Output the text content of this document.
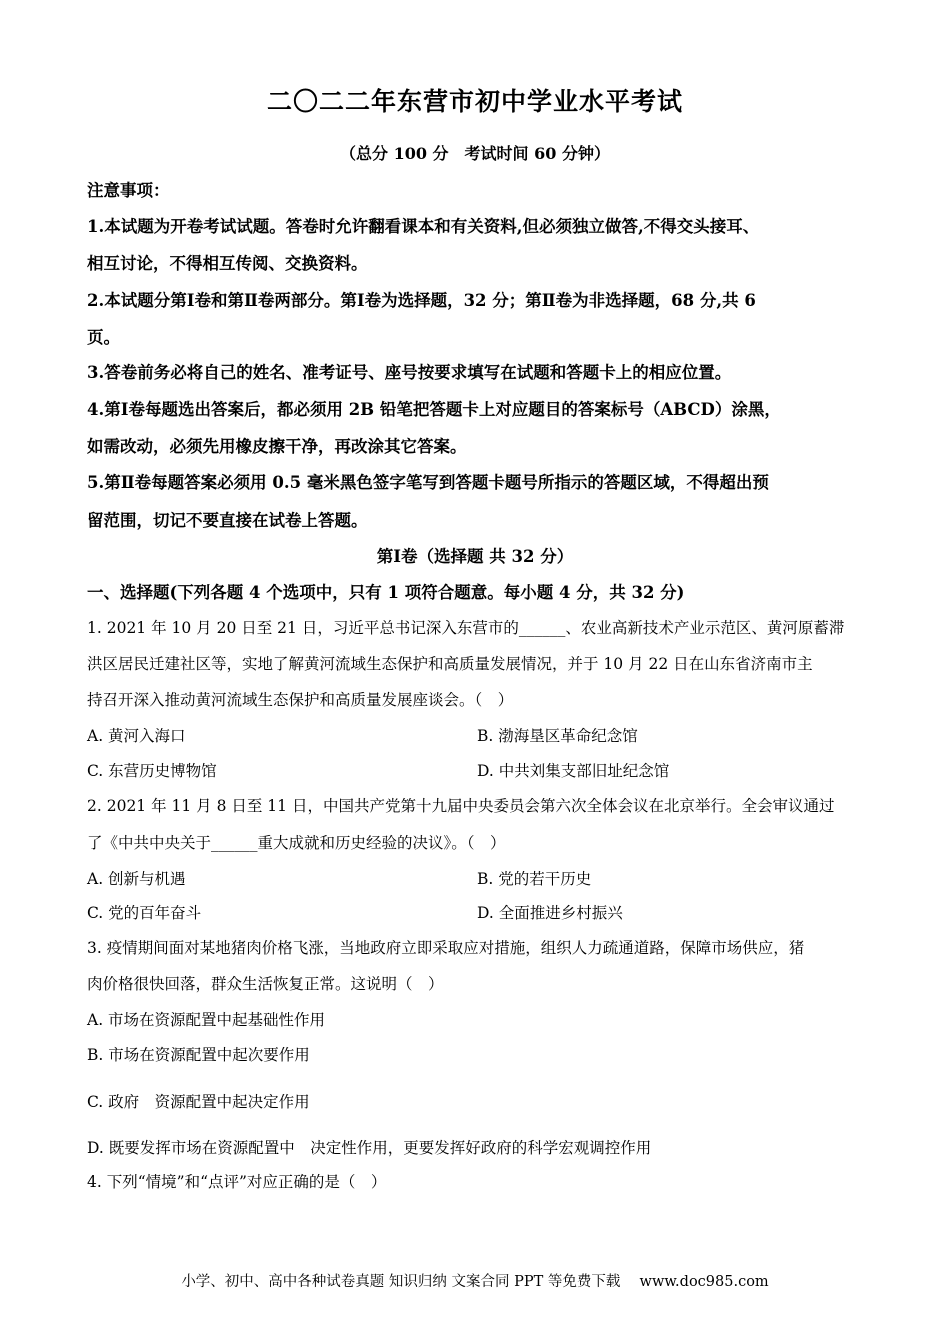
二〇二二年东营市初中学业水平考试
（总分 100 分　考试时间 60 分钟）
注意事项：
1.本试题为开卷考试试题。答卷时允许翻看课本和有关资料,但必须独立做答,不得交头接耳、
相互讨论，不得相互传阅、交换资料。
2.本试题分第Ⅰ卷和第Ⅱ卷两部分。第Ⅰ卷为选择题，32 分；第Ⅱ卷为非选择题，68 分,共 6
页。
3.答卷前务必将自己的姓名、准考证号、座号按要求填写在试题和答题卡上的相应位置。
4.第Ⅰ卷每题选出答案后，都必须用 2B 铅笔把答题卡上对应题目的答案标号（ABCD）涂黑，
如需改动，必须先用橡皮擦干净，再改涂其它答案。
5.第Ⅱ卷每题答案必须用 0.5 毫米黑色签字笔写到答题卡题号所指示的答题区域，不得超出预
留范围，切记不要直接在试卷上答题。
第Ⅰ卷（选择题 共 32 分）
一、选择题(下列各题 4 个选项中，只有 1 项符合题意。每小题 4 分，共 32 分)
1. 2021 年 10 月 20 日至 21 日，习近平总书记深入东营市的______、农业高新技术产业示范区、黄河原蓄滞
洪区居民迁建社区等，实地了解黄河流域生态保护和高质量发展情况，并于 10 月 22 日在山东省济南市主
持召开深入推动黄河流域生态保护和高质量发展座谈会。（　）
A. 黄河入海口	B. 渤海垦区革命纪念馆
C. 东营历史博物馆	D. 中共刘集支部旧址纪念馆
2. 2021 年 11 月 8 日至 11 日，中国共产党第十九届中央委员会第六次全体会议在北京举行。全会审议通过
了《中共中央关于______重大成就和历史经验的决议》。（　）
A. 创新与机遇	B. 党的若干历史
C. 党的百年奋斗	D. 全面推进乡村振兴
3. 疫情期间面对某地猪肉价格飞涨，当地政府立即采取应对措施，组织人力疏通道路，保障市场供应，猪
肉价格很快回落，群众生活恢复正常。这说明（　）
A. 市场在资源配置中起基础性作用
B. 市场在资源配置中起次要作用
C. 政府　资源配置中起决定作用
D. 既要发挥市场在资源配置中　决定性作用，更要发挥好政府的科学宏观调控作用
4. 下列“情境”和“点评”对应正确的是（　）
小学、初中、高中各种试卷真题 知识归纳 文案合同 PPT 等免费下载　 www.doc985.com
